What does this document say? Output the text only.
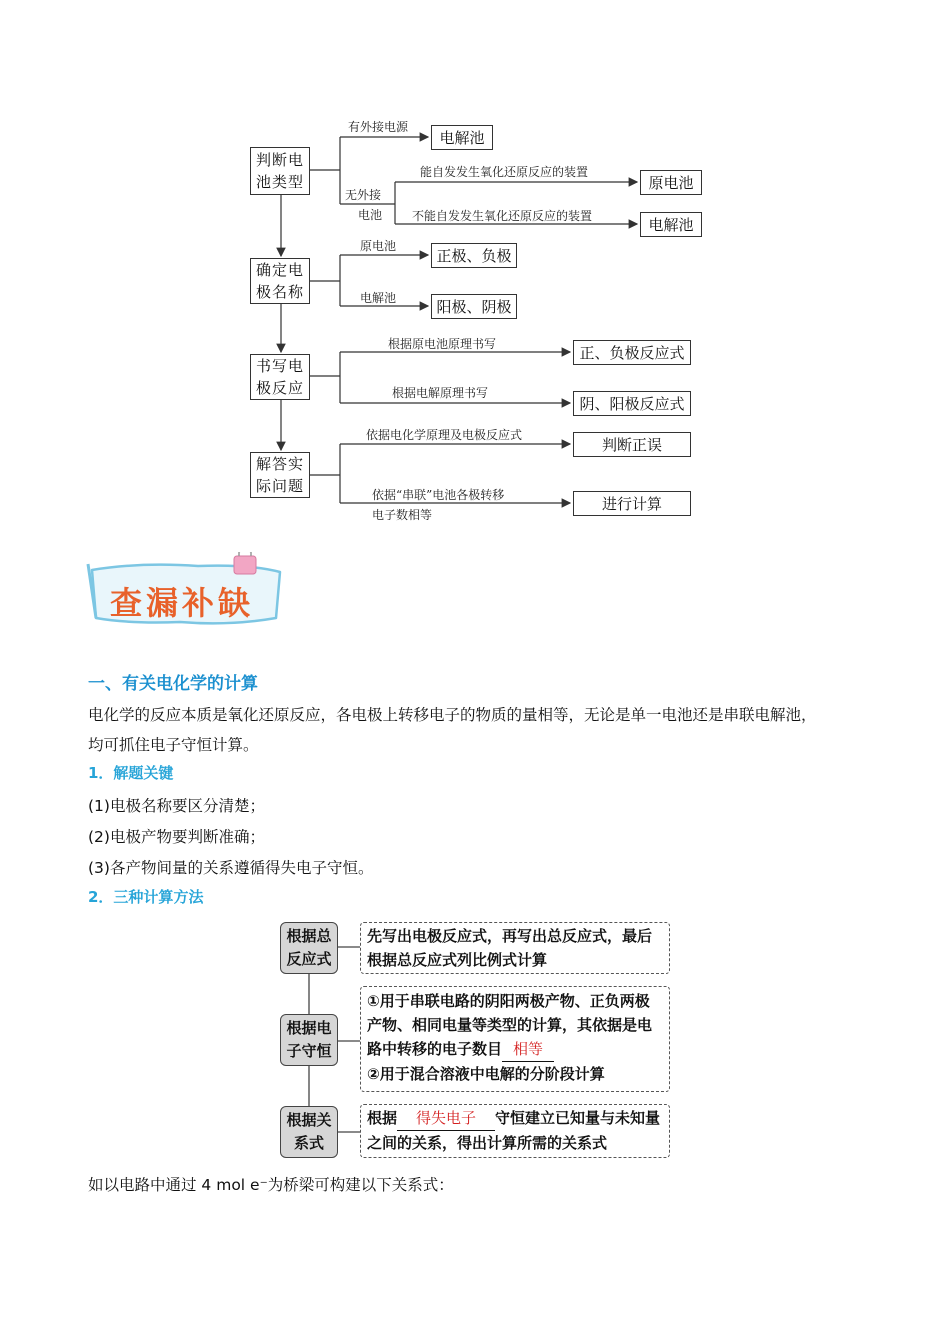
判断电
池类型
确定电
极名称
书写电
极反应
解答实
际问题
有外接电源
无外接
电池
能自发发生氧化还原反应的装置
不能自发发生氧化还原反应的装置
原电池
电解池
根据原电池原理书写
根据电解原理书写
依据电化学原理及电极反应式
依据“串联”电池各极转移
电子数相等
电解池
原电池
电解池
正极、负极
阳极、阴极
正、负极反应式
阴、阳极反应式
判断正误
进行计算
查漏补缺
一、有关电化学的计算
电化学的反应本质是氧化还原反应，各电极上转移电子的物质的量相等，无论是单一电池还是串联电解池，
均可抓住电子守恒计算。
1．解题关键
(1)电极名称要区分清楚；
(2)电极产物要判断准确；
(3)各产物间量的关系遵循得失电子守恒。
2．三种计算方法
根据总
反应式
先写出电极反应式，再写出总反应式，最后根据总反应式列比例式计算
根据电
子守恒
①用于串联电路的阴阳两极产物、正负两极产物、相同电量等类型的计算，其依据是电路中转移的电子数目 相等
②用于混合溶液中电解的分阶段计算
根据关
系式
根据 得失电子 守恒建立已知量与未知量之间的关系，得出计算所需的关系式
如以电路中通过 4 mol e⁻为桥梁可构建以下关系式：
